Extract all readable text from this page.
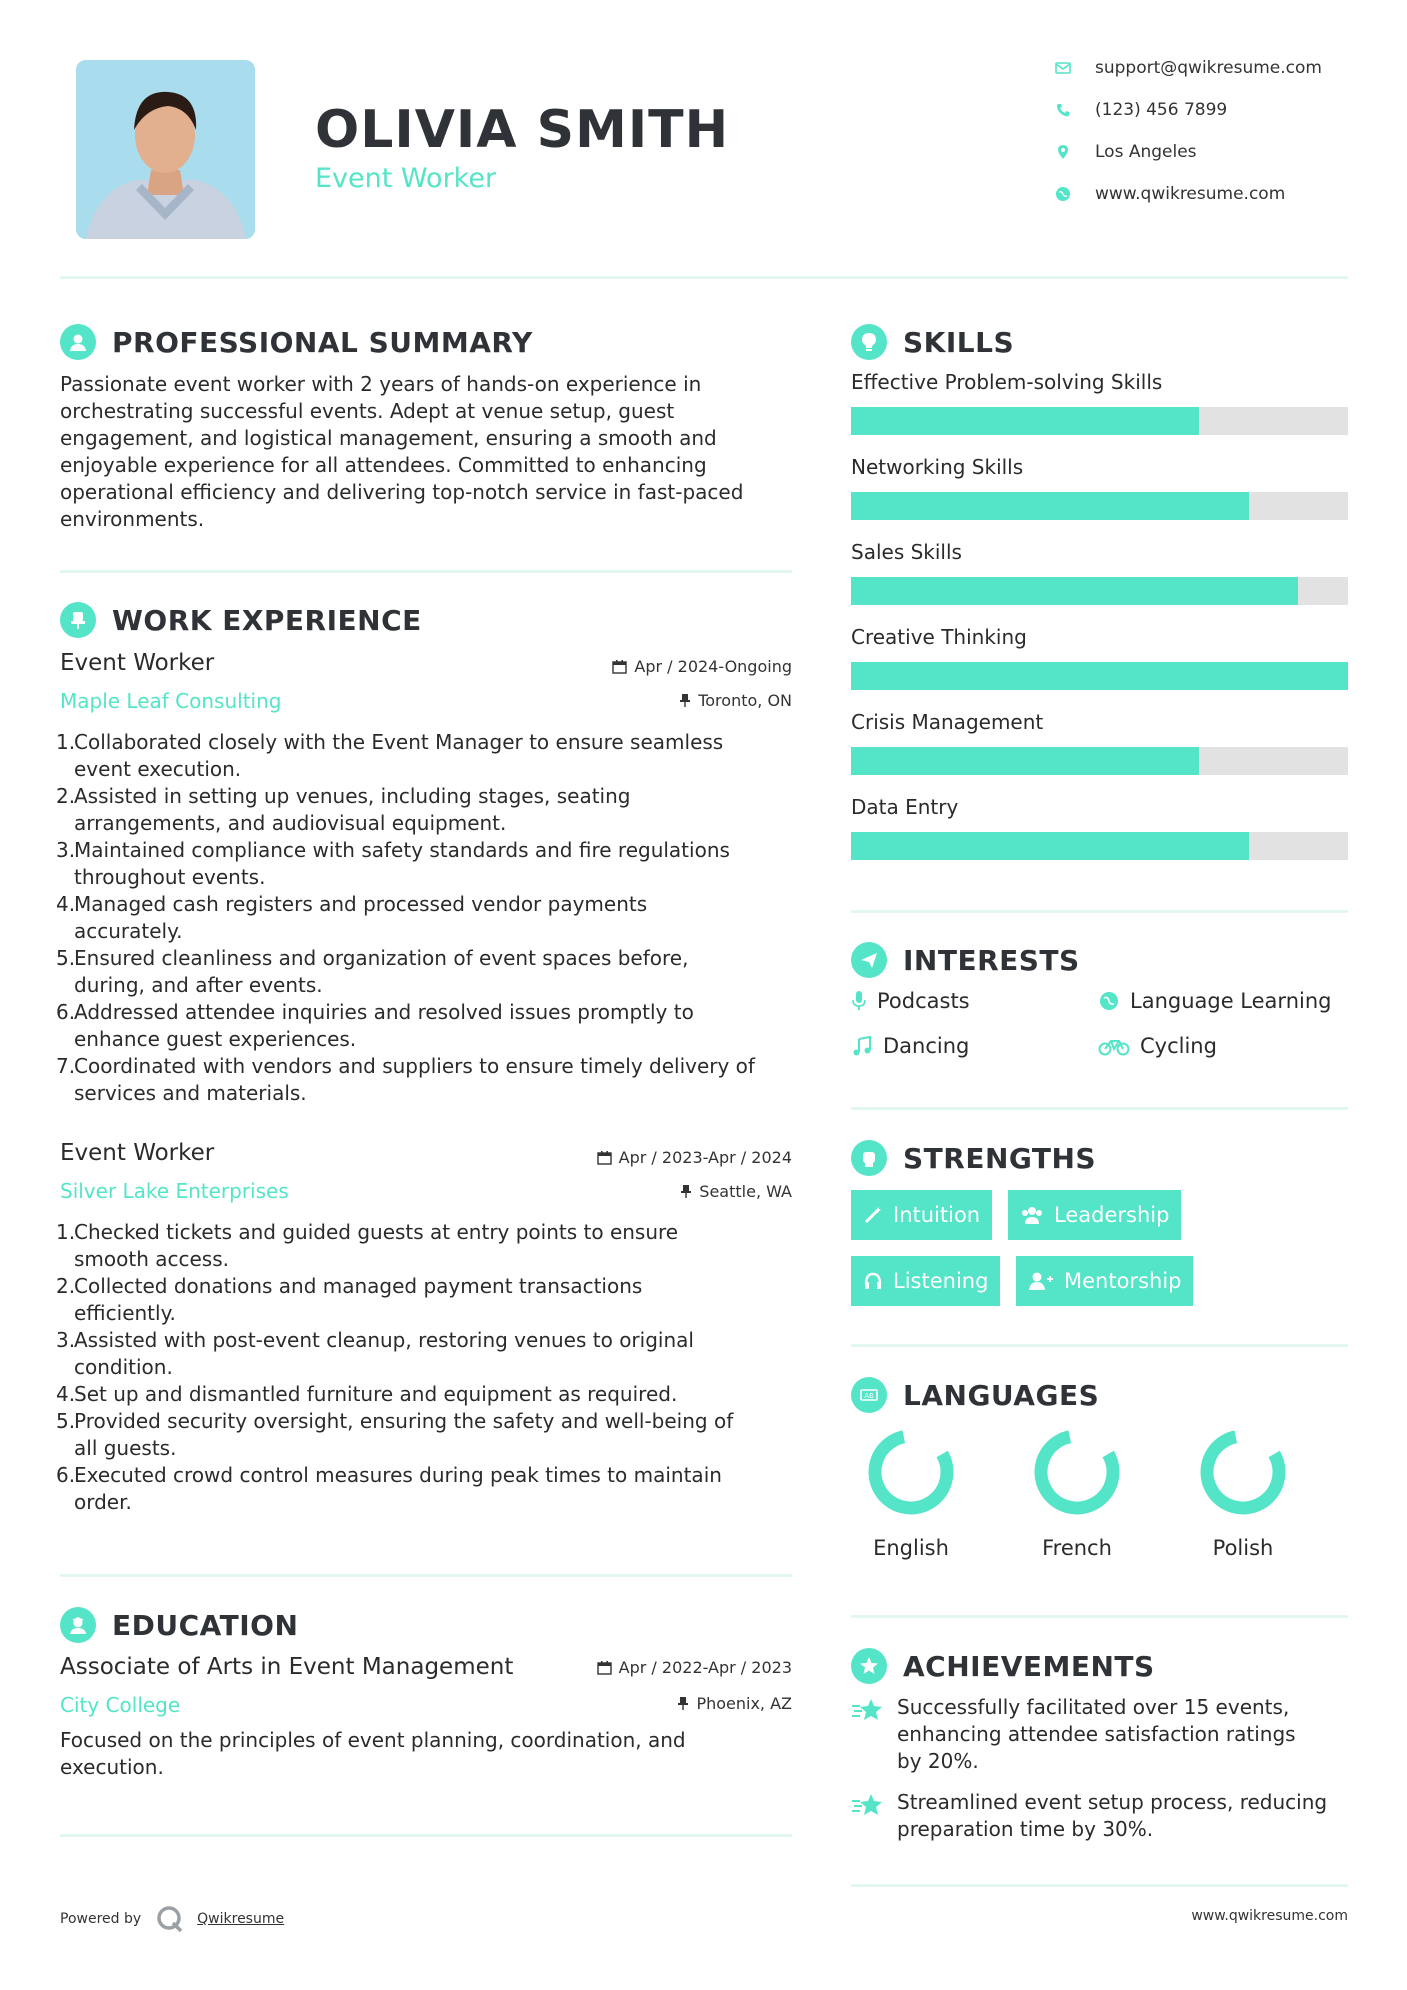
OLIVIA SMITH
Event Worker
support@qwikresume.com
(123) 456 7899
Los Angeles
www.qwikresume.com
PROFESSIONAL SUMMARY
Passionate event worker with 2 years of hands-on experience in
orchestrating successful events. Adept at venue setup, guest
engagement, and logistical management, ensuring a smooth and
enjoyable experience for all attendees. Committed to enhancing
operational efficiency and delivering top-notch service in fast-paced
environments.
WORK EXPERIENCE
Event Worker	Apr / 2024-Ongoing
Maple Leaf Consulting	Toronto, ON
1.
Collaborated closely with the Event Manager to ensure seamless
event execution.
2.
Assisted in setting up venues, including stages, seating
arrangements, and audiovisual equipment.
3.
Maintained compliance with safety standards and fire regulations
throughout events.
4.
Managed cash registers and processed vendor payments
accurately.
5.
Ensured cleanliness and organization of event spaces before,
during, and after events.
6.
Addressed attendee inquiries and resolved issues promptly to
enhance guest experiences.
7.
Coordinated with vendors and suppliers to ensure timely delivery of
services and materials.
Event Worker	Apr / 2023-Apr / 2024
Silver Lake Enterprises	Seattle, WA
1.
Checked tickets and guided guests at entry points to ensure
smooth access.
2.
Collected donations and managed payment transactions
efficiently.
3.
Assisted with post-event cleanup, restoring venues to original
condition.
4.
Set up and dismantled furniture and equipment as required.
5.
Provided security oversight, ensuring the safety and well-being of
all guests.
6.
Executed crowd control measures during peak times to maintain
order.
EDUCATION
Associate of Arts in Event Management	Apr / 2022-Apr / 2023
City College	Phoenix, AZ
Focused on the principles of event planning, coordination, and
execution.
SKILLS
Effective Problem-solving Skills
Networking Skills
Sales Skills
Creative Thinking
Crisis Management
Data Entry
INTERESTS
Podcasts	Language Learning
Dancing	Cycling
STRENGTHS
Intuition	Leadership
Listening	Mentorship
AB LANGUAGES
English	French	Polish
ACHIEVEMENTS
Successfully facilitated over 15 events,
enhancing attendee satisfaction ratings
by 20%.
Streamlined event setup process, reducing
preparation time by 30%.
Powered by	Qwikresume	www.qwikresume.com
